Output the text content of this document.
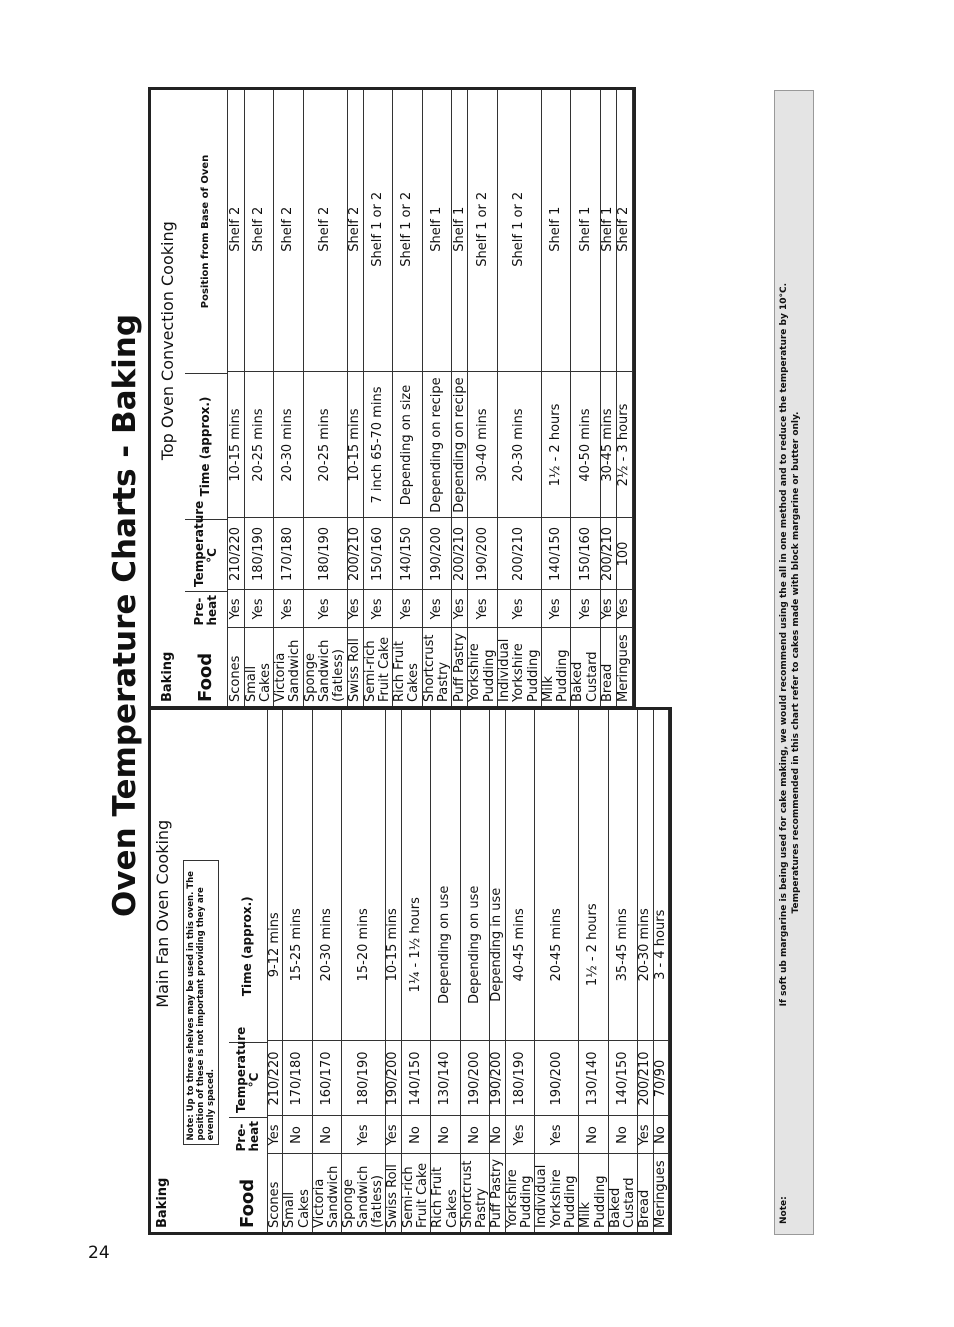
24
Oven Temperature Charts - Baking
Baking		Main Fan Oven Cooking

Note: Up to three shelves may be used in this oven. The position of these is not important providing they are evenly spaced.

Food	Pre- heat	Temperature °C	Time (approx.)	

Scones	Yes	210/220	9-12 mins	
Small Cakes	No	170/180	15-25 mins	
Victoria Sandwich	No	160/170	20-30 mins	
Sponge Sandwich (fatless)	Yes	180/190	15-20 mins	
Swiss Roll	Yes	190/200	10-15 mins	
Semi-rich Fruit Cake	No	140/150	1¼ - 1½ hours	
Rich Fruit Cakes	No	130/140	Depending on use	
Shortcrust Pastry	No	190/200	Depending on use	
Puff Pastry	No	190/200	Depending in use	
Yorkshire Pudding	Yes	180/190	40-45 mins	
Individual Yorkshire Pudding	Yes	190/200	20-45 mins	
Milk Pudding	No	130/140	1½ - 2 hours	
Baked Custard	No	140/150	35-45 mins	
Bread	Yes	200/210	20-30 mins	
Meringues	No	70/90	3 - 4 hours	
Baking		Top Oven Convection Cooking
Food	Pre- heat	Temperature °C	Time (approx.)	Position from Base of Oven

Scones	Yes	210/220	10-15 mins	Shelf 2
Small Cakes	Yes	180/190	20-25 mins	Shelf 2
Victoria Sandwich	Yes	170/180	20-30 mins	Shelf 2
Sponge Sandwich (fatless)	Yes	180/190	20-25 mins	Shelf 2
Swiss Roll	Yes	200/210	10-15 mins	Shelf 2
Semi-rich Fruit Cake	Yes	150/160	7 inch 65-70 mins	Shelf 1 or 2
Rich Fruit Cakes	Yes	140/150	Depending on size	Shelf 1 or 2
Shortcrust Pastry	Yes	190/200	Depending on recipe	Shelf 1
Puff Pastry	Yes	200/210	Depending on recipe	Shelf 1
Yorkshire Pudding	Yes	190/200	30-40 mins	Shelf 1 or 2
Individual Yorkshire Pudding	Yes	200/210	20-30 mins	Shelf 1 or 2
Milk Pudding	Yes	140/150	1½ - 2 hours	Shelf 1
Baked Custard	Yes	150/160	40-50 mins	Shelf 1
Bread	Yes	200/210	30-45 mins	Shelf 1
Meringues	Yes	100	2½ - 3 hours	Shelf 2
Note:
If soft ub margarine is being used for cake making, we would recommend using the all in one method and to reduce the temperature by 10°C. Temperatures recommended in this chart refer to cakes made with block margarine or butter only.
